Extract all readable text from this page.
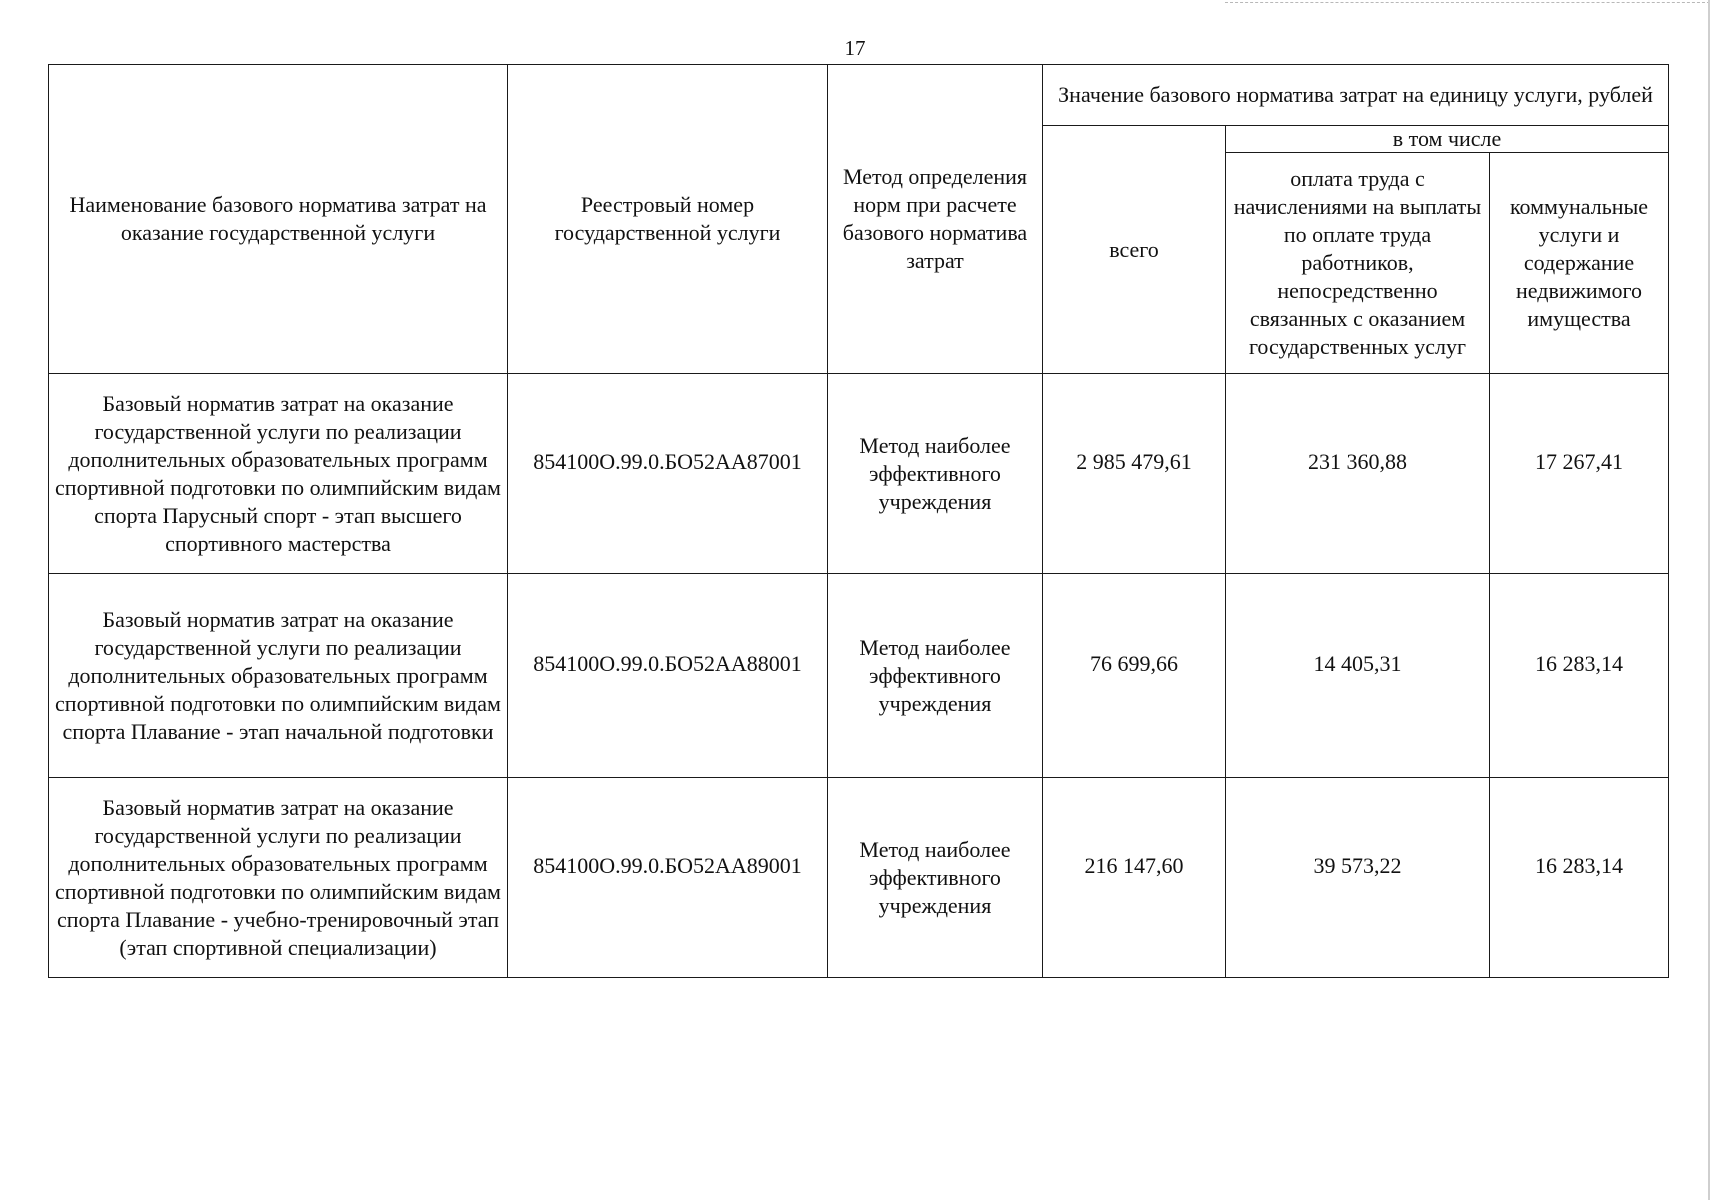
17
Наименование базового норматива затрат на оказание государственной услуги	Реестровый номер государственной услуги	Метод определения норм при расчете базового норматива затрат	Значение базового норматива затрат на единицу услуги, рублей		
			всего	в том числе	
				оплата труда с начислениями на выплаты по оплате труда работников, непосредственно связанных с оказанием государственных услуг	коммунальные услуги и содержание недвижимого имущества
Базовый норматив затрат на оказание государственной услуги по реализации дополнительных образовательных программ спортивной подготовки по олимпийским видам спорта Парусный спорт - этап высшего спортивного мастерства	854100О.99.0.БО52АА87001	Метод наиболее эффективного учреждения	2 985 479,61	231 360,88	17 267,41
Базовый норматив затрат на оказание государственной услуги по реализации дополнительных образовательных программ спортивной подготовки по олимпийским видам спорта Плавание - этап начальной подготовки	854100О.99.0.БО52АА88001	Метод наиболее эффективного учреждения	76 699,66	14 405,31	16 283,14
Базовый норматив затрат на оказание государственной услуги по реализации дополнительных образовательных программ спортивной подготовки по олимпийским видам спорта Плавание - учебно-тренировочный этап (этап спортивной специализации)	854100О.99.0.БО52АА89001	Метод наиболее эффективного учреждения	216 147,60	39 573,22	16 283,14
